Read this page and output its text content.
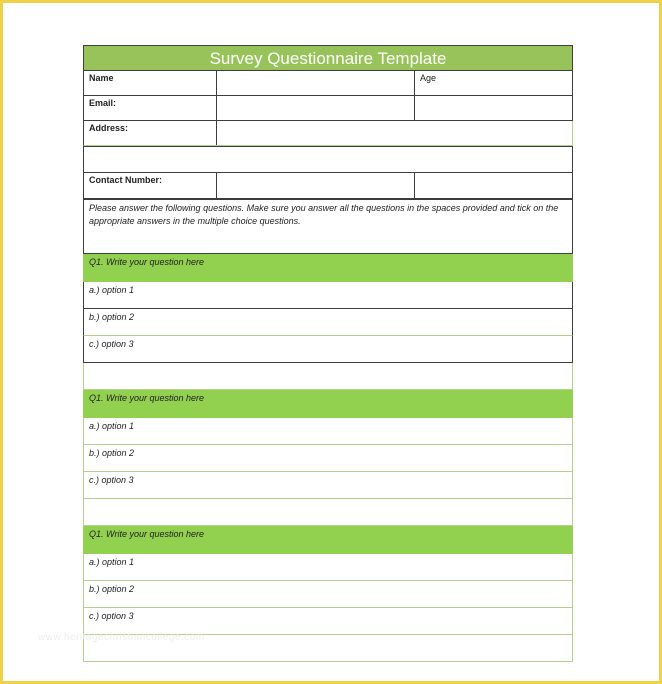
Survey Questionnaire Template
Name	Age
Email:
Address:
Contact Number:
Please answer the following questions. Make sure you answer all the questions in the spaces provided and tick on the appropriate answers in the multiple choice questions.
Q1. Write your question here
a.) option 1
b.) option 2
c.) option 3
Q1. Write your question here
a.) option 1
b.) option 2
c.) option 3
Q1. Write your question here
a.) option 1
b.) option 2
c.) option 3
www.heritagechristiancollege.com
